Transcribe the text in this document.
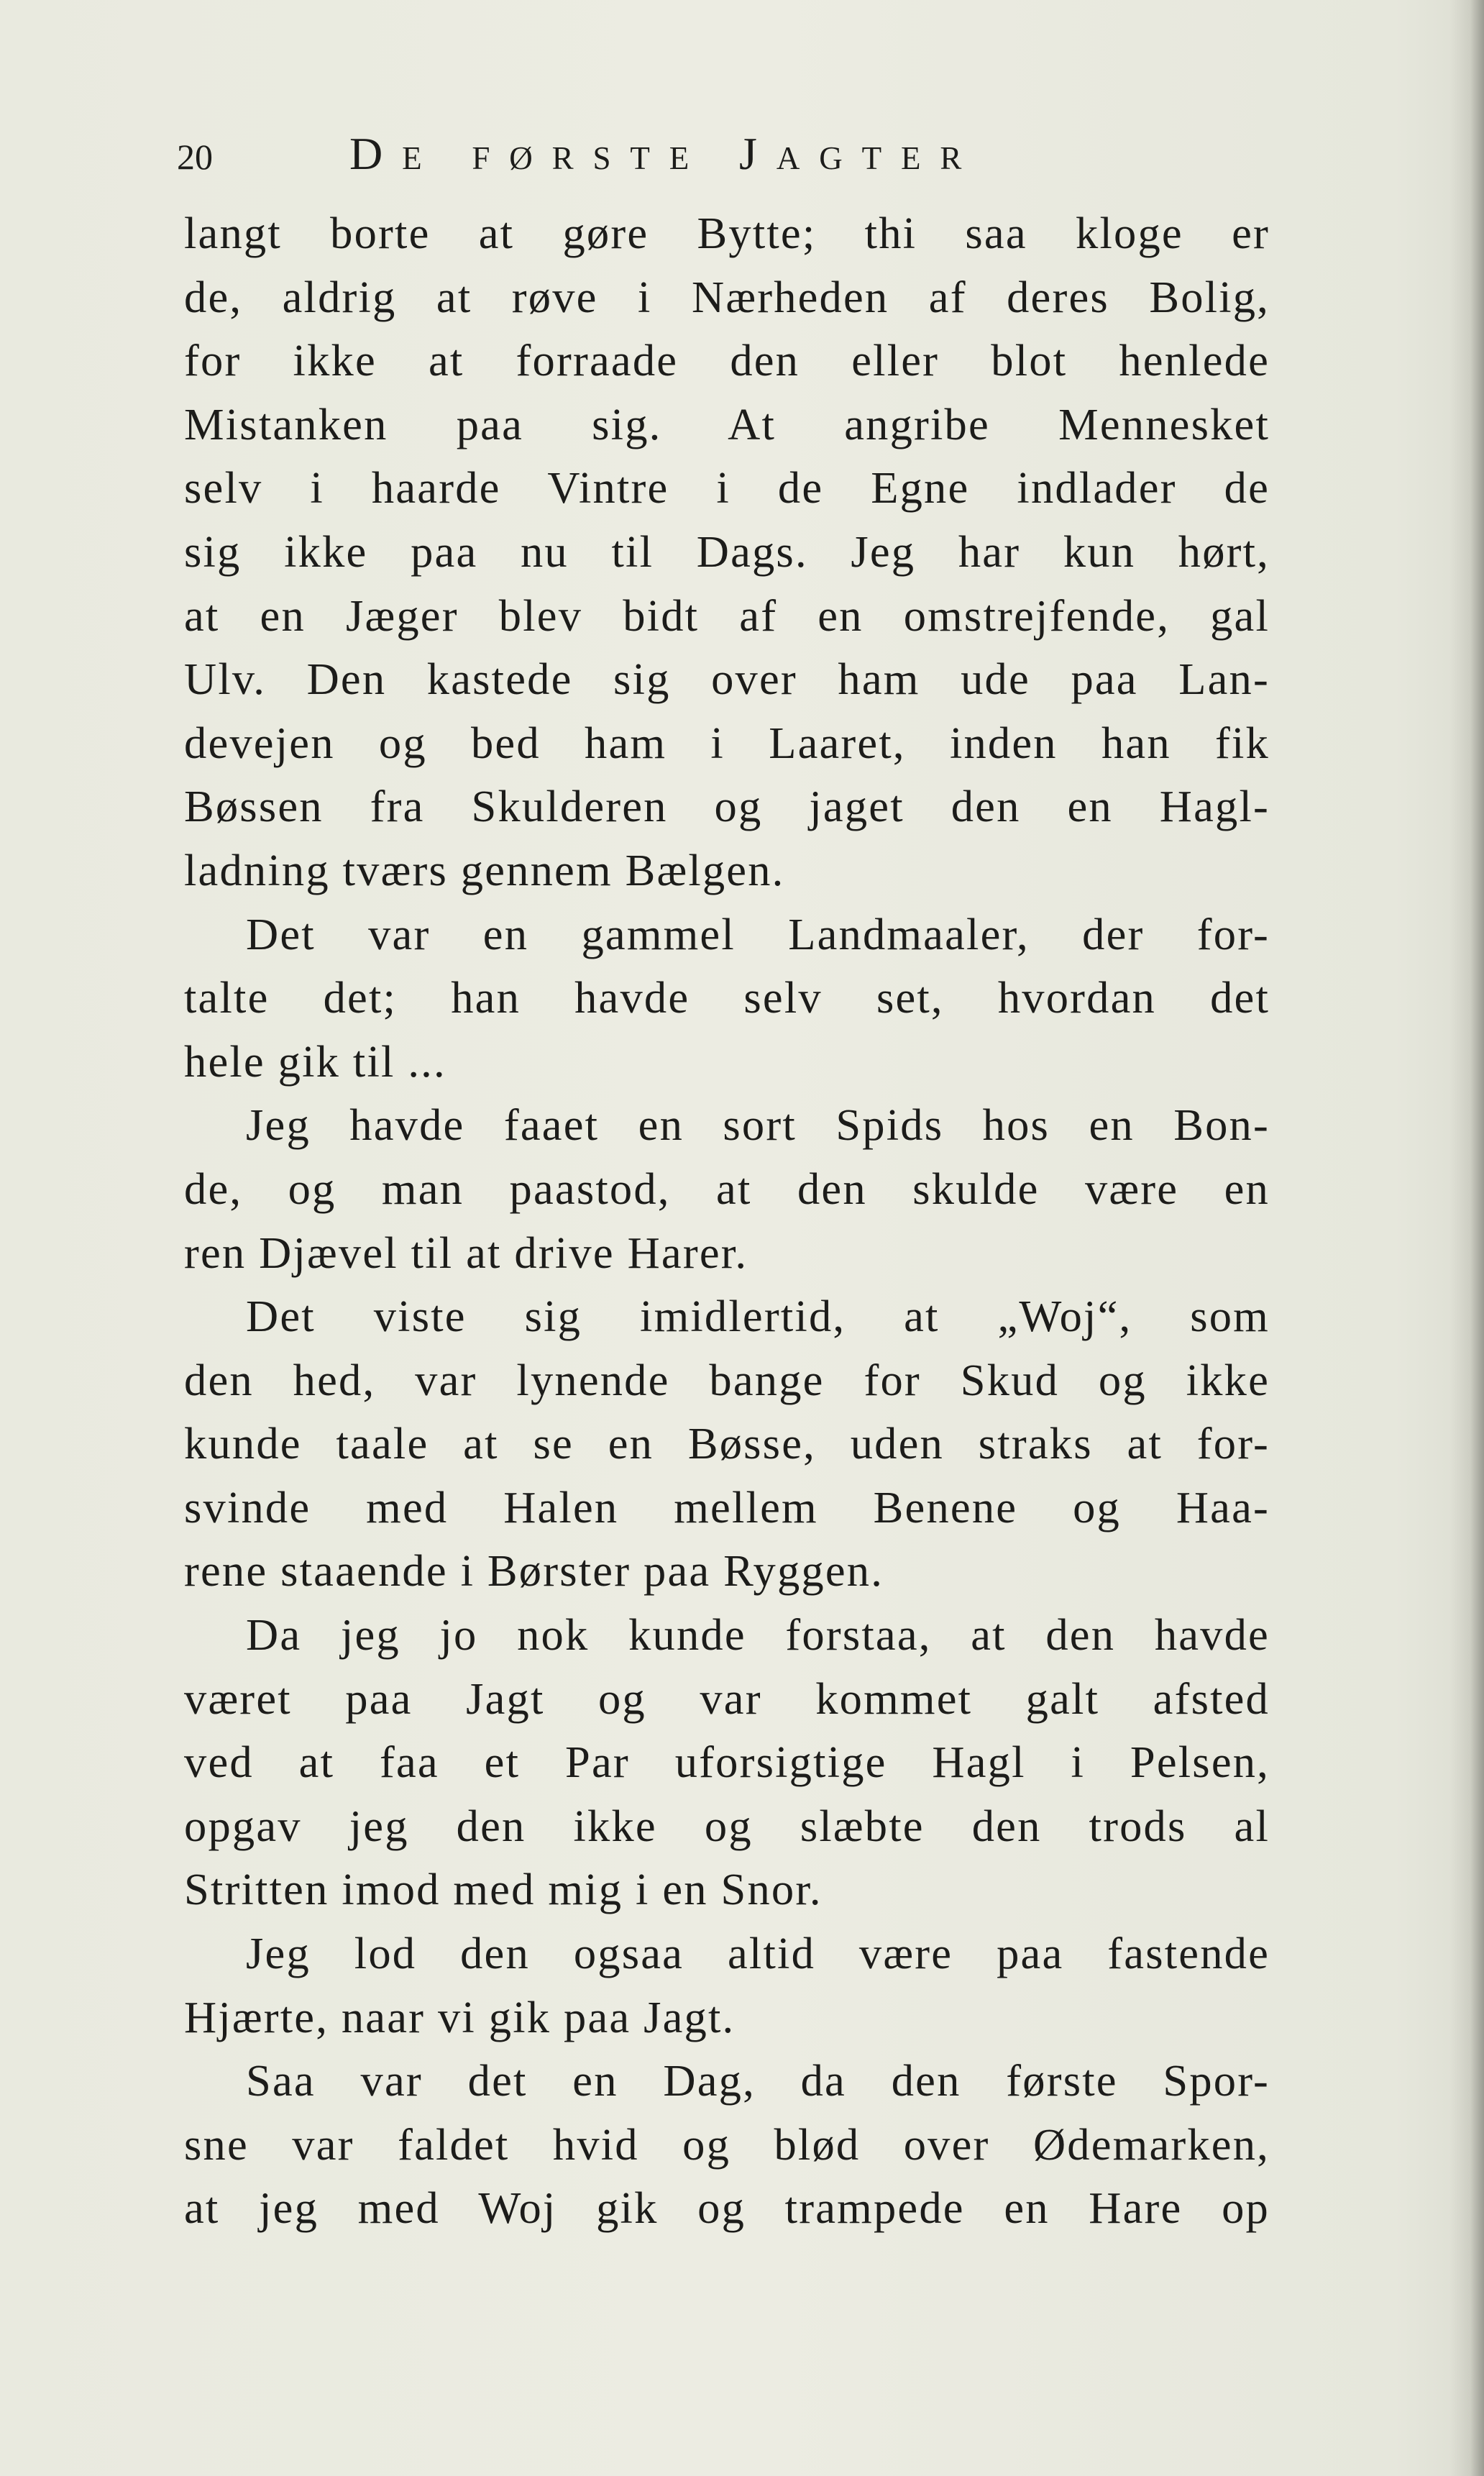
20	De første Jagter
langt borte at gøre Bytte; thi saa kloge er
de, aldrig at røve i Nærheden af deres Bolig,
for ikke at forraade den eller blot henlede
Mistanken paa sig. At angribe Mennesket
selv i haarde Vintre i de Egne indlader de
sig ikke paa nu til Dags. Jeg har kun hørt,
at en Jæger blev bidt af en omstrejfende, gal
Ulv. Den kastede sig over ham ude paa Lan-
devejen og bed ham i Laaret, inden han fik
Bøssen fra Skulderen og jaget den en Hagl-
ladning tværs gennem Bælgen.
Det var en gammel Landmaaler, der for-
talte det; han havde selv set, hvordan det
hele gik til ...
Jeg havde faaet en sort Spids hos en Bon-
de, og man paastod, at den skulde være en
ren Djævel til at drive Harer.
Det viste sig imidlertid, at „Woj“, som
den hed, var lynende bange for Skud og ikke
kunde taale at se en Bøsse, uden straks at for-
svinde med Halen mellem Benene og Haa-
rene staaende i Børster paa Ryggen.
Da jeg jo nok kunde forstaa, at den havde
været paa Jagt og var kommet galt afsted
ved at faa et Par uforsigtige Hagl i Pelsen,
opgav jeg den ikke og slæbte den trods al
Stritten imod med mig i en Snor.
Jeg lod den ogsaa altid være paa fastende
Hjærte, naar vi gik paa Jagt.
Saa var det en Dag, da den første Spor-
sne var faldet hvid og blød over Ødemarken,
at jeg med Woj gik og trampede en Hare op
